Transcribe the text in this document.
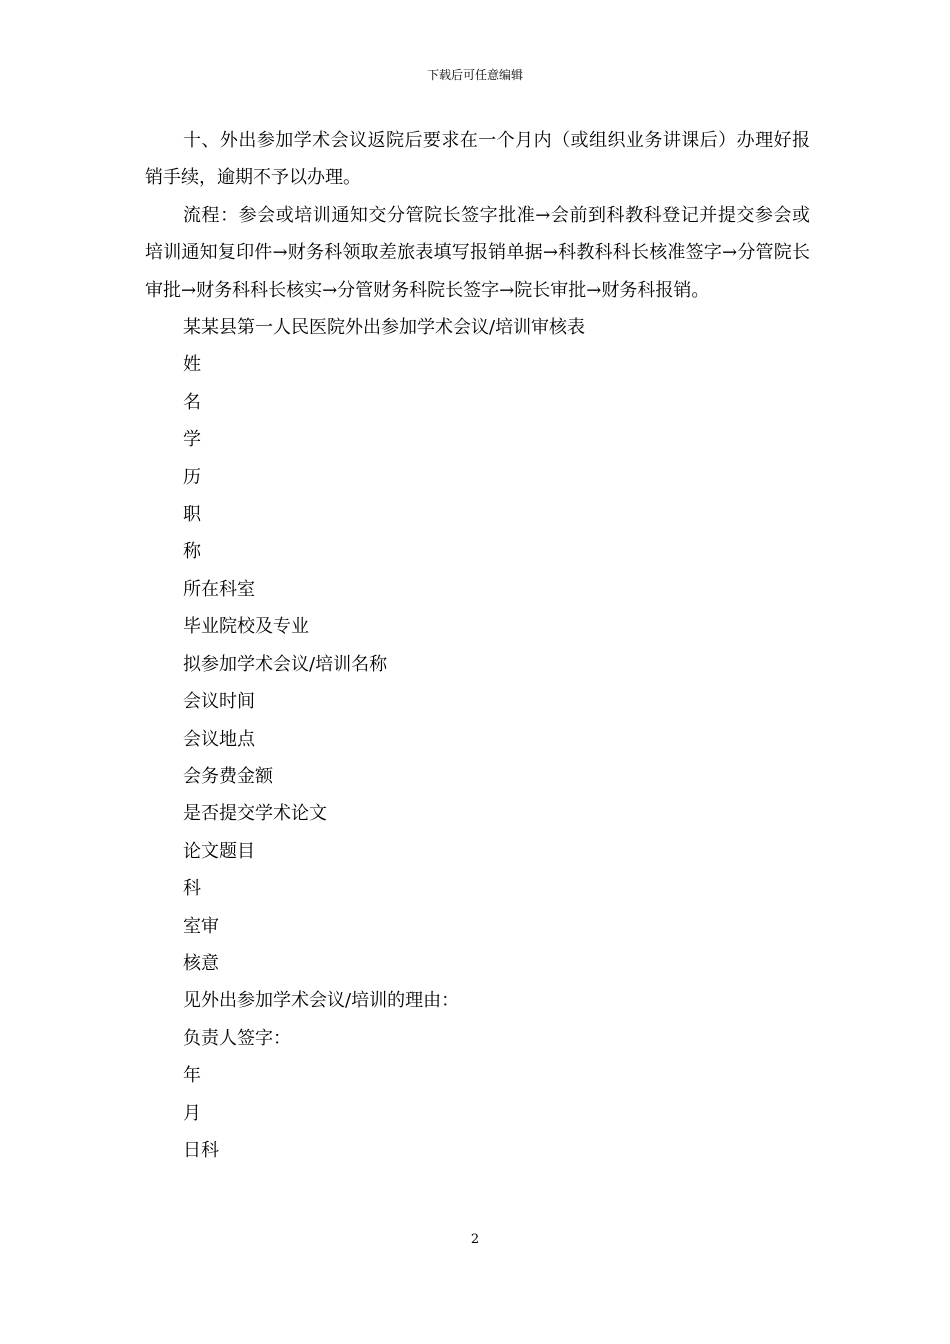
下载后可任意编辑

十、外出参加学术会议返院后要求在一个月内（或组织业务讲课后）办理好报销手续，逾期不予以办理。

流程：参会或培训通知交分管院长签字批准→会前到科教科登记并提交参会或培训通知复印件→财务科领取差旅表填写报销单据→科教科科长核准签字→分管院长审批→财务科科长核实→分管财务科院长签字→院长审批→财务科报销。

某某县第一人民医院外出参加学术会议/培训审核表

姓

名

学

历

职

称

所在科室

毕业院校及专业

拟参加学术会议/培训名称

会议时间

会议地点

会务费金额

是否提交学术论文

论文题目

科

室审

核意

见外出参加学术会议/培训的理由：

负责人签字：

年

月

日科

2
